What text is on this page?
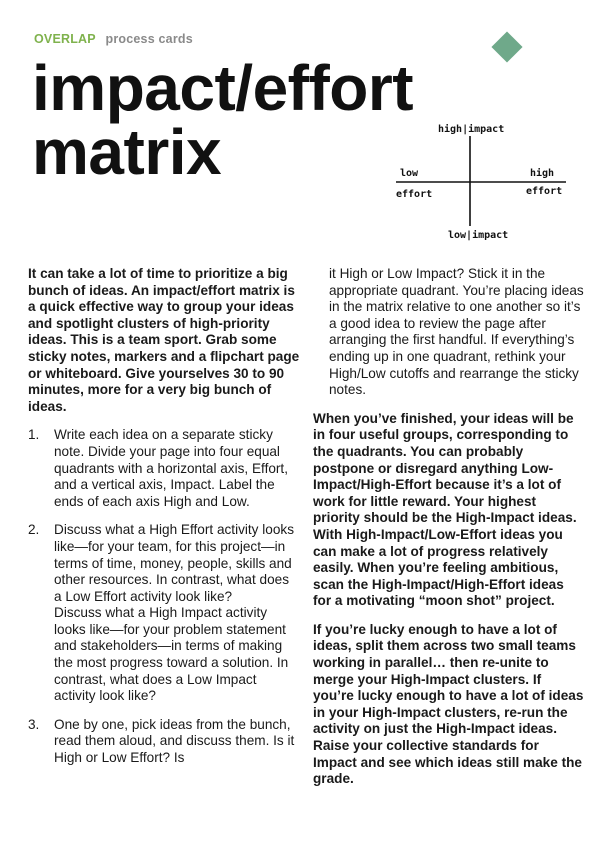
OVERLAP process cards
impact/effort
matrix	high|impact
low|impact
low
effort
high
effort

It can take a lot of time to prioritize a big bunch of ideas. An impact/effort matrix is a quick effective way to group your ideas and spotlight clusters of high-priority ideas. This is a team sport. Grab some sticky notes, markers and a flipchart page or whiteboard. Give yourselves 30 to 90 minutes, more for a very big bunch of ideas.

1.	Write each idea on a separate sticky note. Divide your page into four equal quadrants with a horizontal axis, Effort, and a vertical axis, Impact. Label the ends of each axis High and Low.

2.	Discuss what a High Effort activity looks like—for your team, for this project—in terms of time, money, people, skills and other resources. In contrast, what does a Low Effort activity look like?

Discuss what a High Impact activity looks like—for your problem statement and stakeholders—in terms of making the most progress toward a solution. In contrast, what does a Low Impact activity look like?

3.	One by one, pick ideas from the bunch, read them aloud, and discuss them. Is it High or Low Effort? Is

it High or Low Impact? Stick it in the appropriate quadrant. You’re placing ideas in the matrix relative to one another so it’s a good idea to review the page after arranging the first handful. If everything’s ending up in one quadrant, rethink your High/Low cutoffs and rearrange the sticky notes.

When you’ve finished, your ideas will be in four useful groups, corresponding to the quadrants. You can probably postpone or disregard anything Low-Impact/High-Effort because it’s a lot of work for little reward. Your highest priority should be the High-Impact ideas. With High-Impact/Low-Effort ideas you can make a lot of progress relatively easily. When you’re feeling ambitious, scan the High-Impact/High-Effort ideas for a motivating “moon shot” project.

If you’re lucky enough to have a lot of ideas, split them across two small teams working in parallel… then re-unite to merge your High-Impact clusters. If you’re lucky enough to have a lot of ideas in your High-Impact clusters, re-run the activity on just the High-Impact ideas. Raise your collective standards for Impact and see which ideas still make the grade.
